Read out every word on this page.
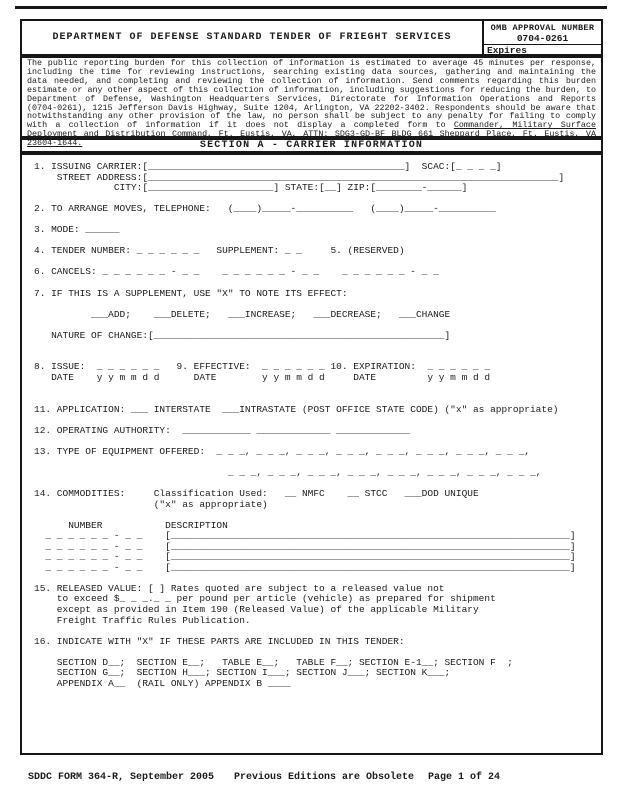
DEPARTMENT OF DEFENSE STANDARD TENDER OF FRIEGHT SERVICES
OMB APPROVAL NUMBER
0704-0261
Expires
The public reporting burden for this collection of information is estimated to average 45 minutes per response, including the time for reviewing instructions, searching existing data sources, gathering and maintaining the data needed, and completing and reviewing the collection of information. Send comments regarding this burden estimate or any other aspect of this collection of information, including suggestions for reducing the burden, to Department of Defense, Washington Headquarters Services, Directorate for Information Operations and Reports (0704-0261), 1215 Jefferson Davis Highway, Suite 1204, Arlington, VA 22202-3402. Respondents should be aware that notwithstanding any other provision of the law, no person shall be subject to any penalty for failing to comply with a collection of information if it does not display a completed form to Commander, Military Surface Deployment and Distribution Command, Ft. Eustis, VA, ATTN: SDG3-GD-BF BLDG 661 Sheppard Place, Ft. Eustis, VA 23604-1644.	SECTION A - CARRIER INFORMATION
1. ISSUING CARRIER:[_____________________________________________]  SCAC:[_ _ _ _]
STREET ADDRESS:[________________________________________________________________________]
CITY:[______________________] STATE:[__] ZIP:[________-______]
2. TO ARRANGE MOVES, TELEPHONE:   (____)_____-__________   (____)_____-__________
3. MODE: ______
4. TENDER NUMBER: _ _ _ _ _ _   SUPPLEMENT: _ _     5. (RESERVED)
6. CANCELS: _ _ _ _ _ _ - _ _    _ _ _ _ _ _ - _ _    _ _ _ _ _ _ - _ _
7. IF THIS IS A SUPPLEMENT, USE "X" TO NOTE ITS EFFECT:
___ADD;    ___DELETE;   ___INCREASE;   ___DECREASE;   ___CHANGE
NATURE OF CHANGE:[___________________________________________________]
8. ISSUE:  _ _ _ _ _ _   9. EFFECTIVE:  _ _ _ _ _ _ 10. EXPIRATION:  _ _ _ _ _ _
DATE    y y m m d d      DATE        y y m m d d     DATE         y y m m d d
11. APPLICATION: ___ INTERSTATE  ___INTRASTATE (POST OFFICE STATE CODE) ("x" as appropriate)
12. OPERATING AUTHORITY:  ____________ _____________ _____________
13. TYPE OF EQUIPMENT OFFERED:  _ _ _, _ _ _, _ _ _, _ _ _, _ _ _, _ _ _, _ _ _, _ _ _,
_ _ _, _ _ _, _ _ _, _ _ _, _ _ _, _ _ _, _ _ _, _ _ _,
14. COMMODITIES:     Classification Used:   __ NMFC    __ STCC   ___DOD UNIQUE
("x" as appropriate)
NUMBER           DESCRIPTION
_ _ _ _ _ _ - _ _    [______________________________________________________________________]
_ _ _ _ _ _ - _ _    [______________________________________________________________________]
_ _ _ _ _ _ - _ _    [______________________________________________________________________]
_ _ _ _ _ _ - _ _    [______________________________________________________________________]
15. RELEASED VALUE: [ ] Rates quoted are subject to a released value not
to exceed $_ _ _._ _ per pound per article (vehicle) as prepared for shipment
except as provided in Item 190 (Released Value) of the applicable Military
Freight Traffic Rules Publication.
16. INDICATE WITH "X" IF THESE PARTS ARE INCLUDED IN THIS TENDER:
SECTION D__;  SECTION E__;   TABLE E__;   TABLE F__; SECTION E-1__; SECTION F  ;
SECTION G__;  SECTION H___; SECTION I___; SECTION J___; SECTION K___;
APPENDIX A__  (RAIL ONLY) APPENDIX B ____
SDDC FORM 364-R, September 2005 Previous Editions are Obsolete Page 1 of 24
